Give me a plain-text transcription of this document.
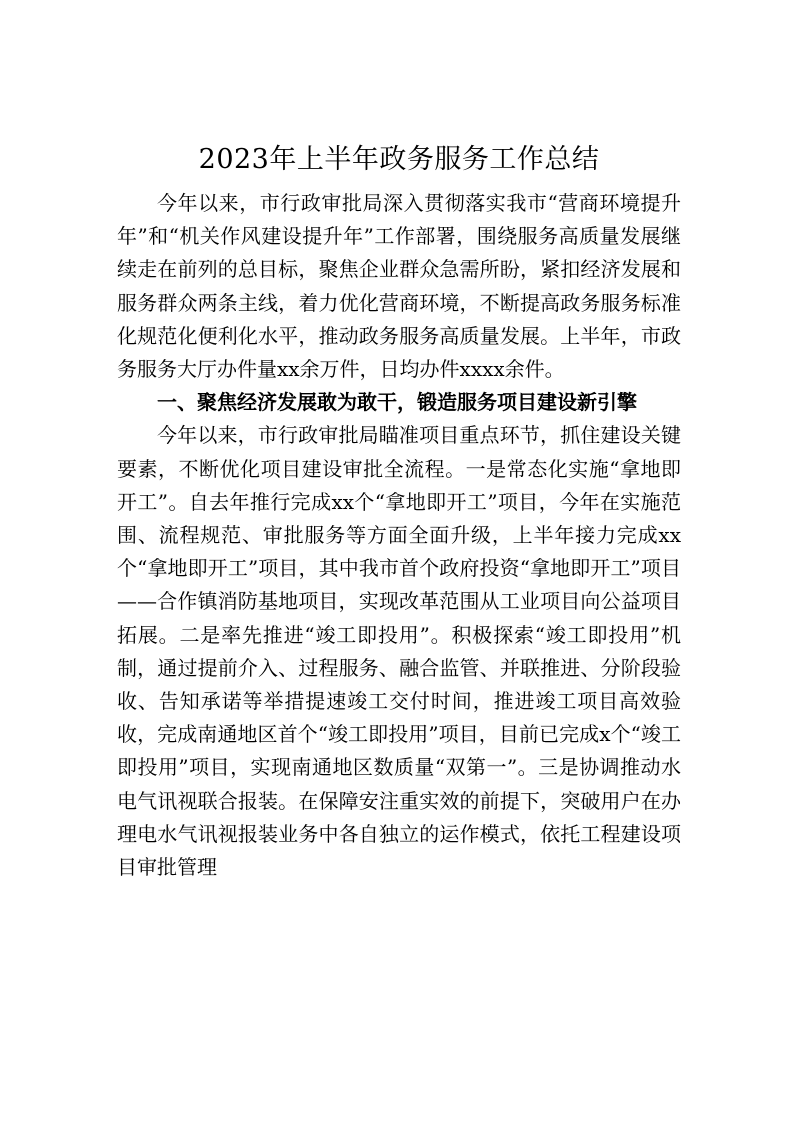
2023年上半年政务服务工作总结

今年以来，市行政审批局深入贯彻落实我市“营商环境提升年”和“机关作风建设提升年”工作部署，围绕服务高质量发展继续走在前列的总目标，聚焦企业群众急需所盼，紧扣经济发展和服务群众两条主线，着力优化营商环境，不断提高政务服务标准化规范化便利化水平，推动政务服务高质量发展。上半年，市政务服务大厅办件量xx余万件，日均办件xxxx余件。

一、聚焦经济发展敢为敢干，锻造服务项目建设新引擎

今年以来，市行政审批局瞄准项目重点环节，抓住建设关键要素，不断优化项目建设审批全流程。一是常态化实施“拿地即开工”。自去年推行完成xx个“拿地即开工”项目，今年在实施范围、流程规范、审批服务等方面全面升级，上半年接力完成xx个“拿地即开工”项目，其中我市首个政府投资“拿地即开工”项目——合作镇消防基地项目，实现改革范围从工业项目向公益项目拓展。二是率先推进“竣工即投用”。积极探索“竣工即投用”机制，通过提前介入、过程服务、融合监管、并联推进、分阶段验收、告知承诺等举措提速竣工交付时间，推进竣工项目高效验收，完成南通地区首个“竣工即投用”项目，目前已完成x个“竣工即投用”项目，实现南通地区数质量“双第一”。三是协调推动水电气讯视联合报装。在保障安注重实效的前提下，突破用户在办理电水气讯视报装业务中各自独立的运作模式，依托工程建设项目审批管理
